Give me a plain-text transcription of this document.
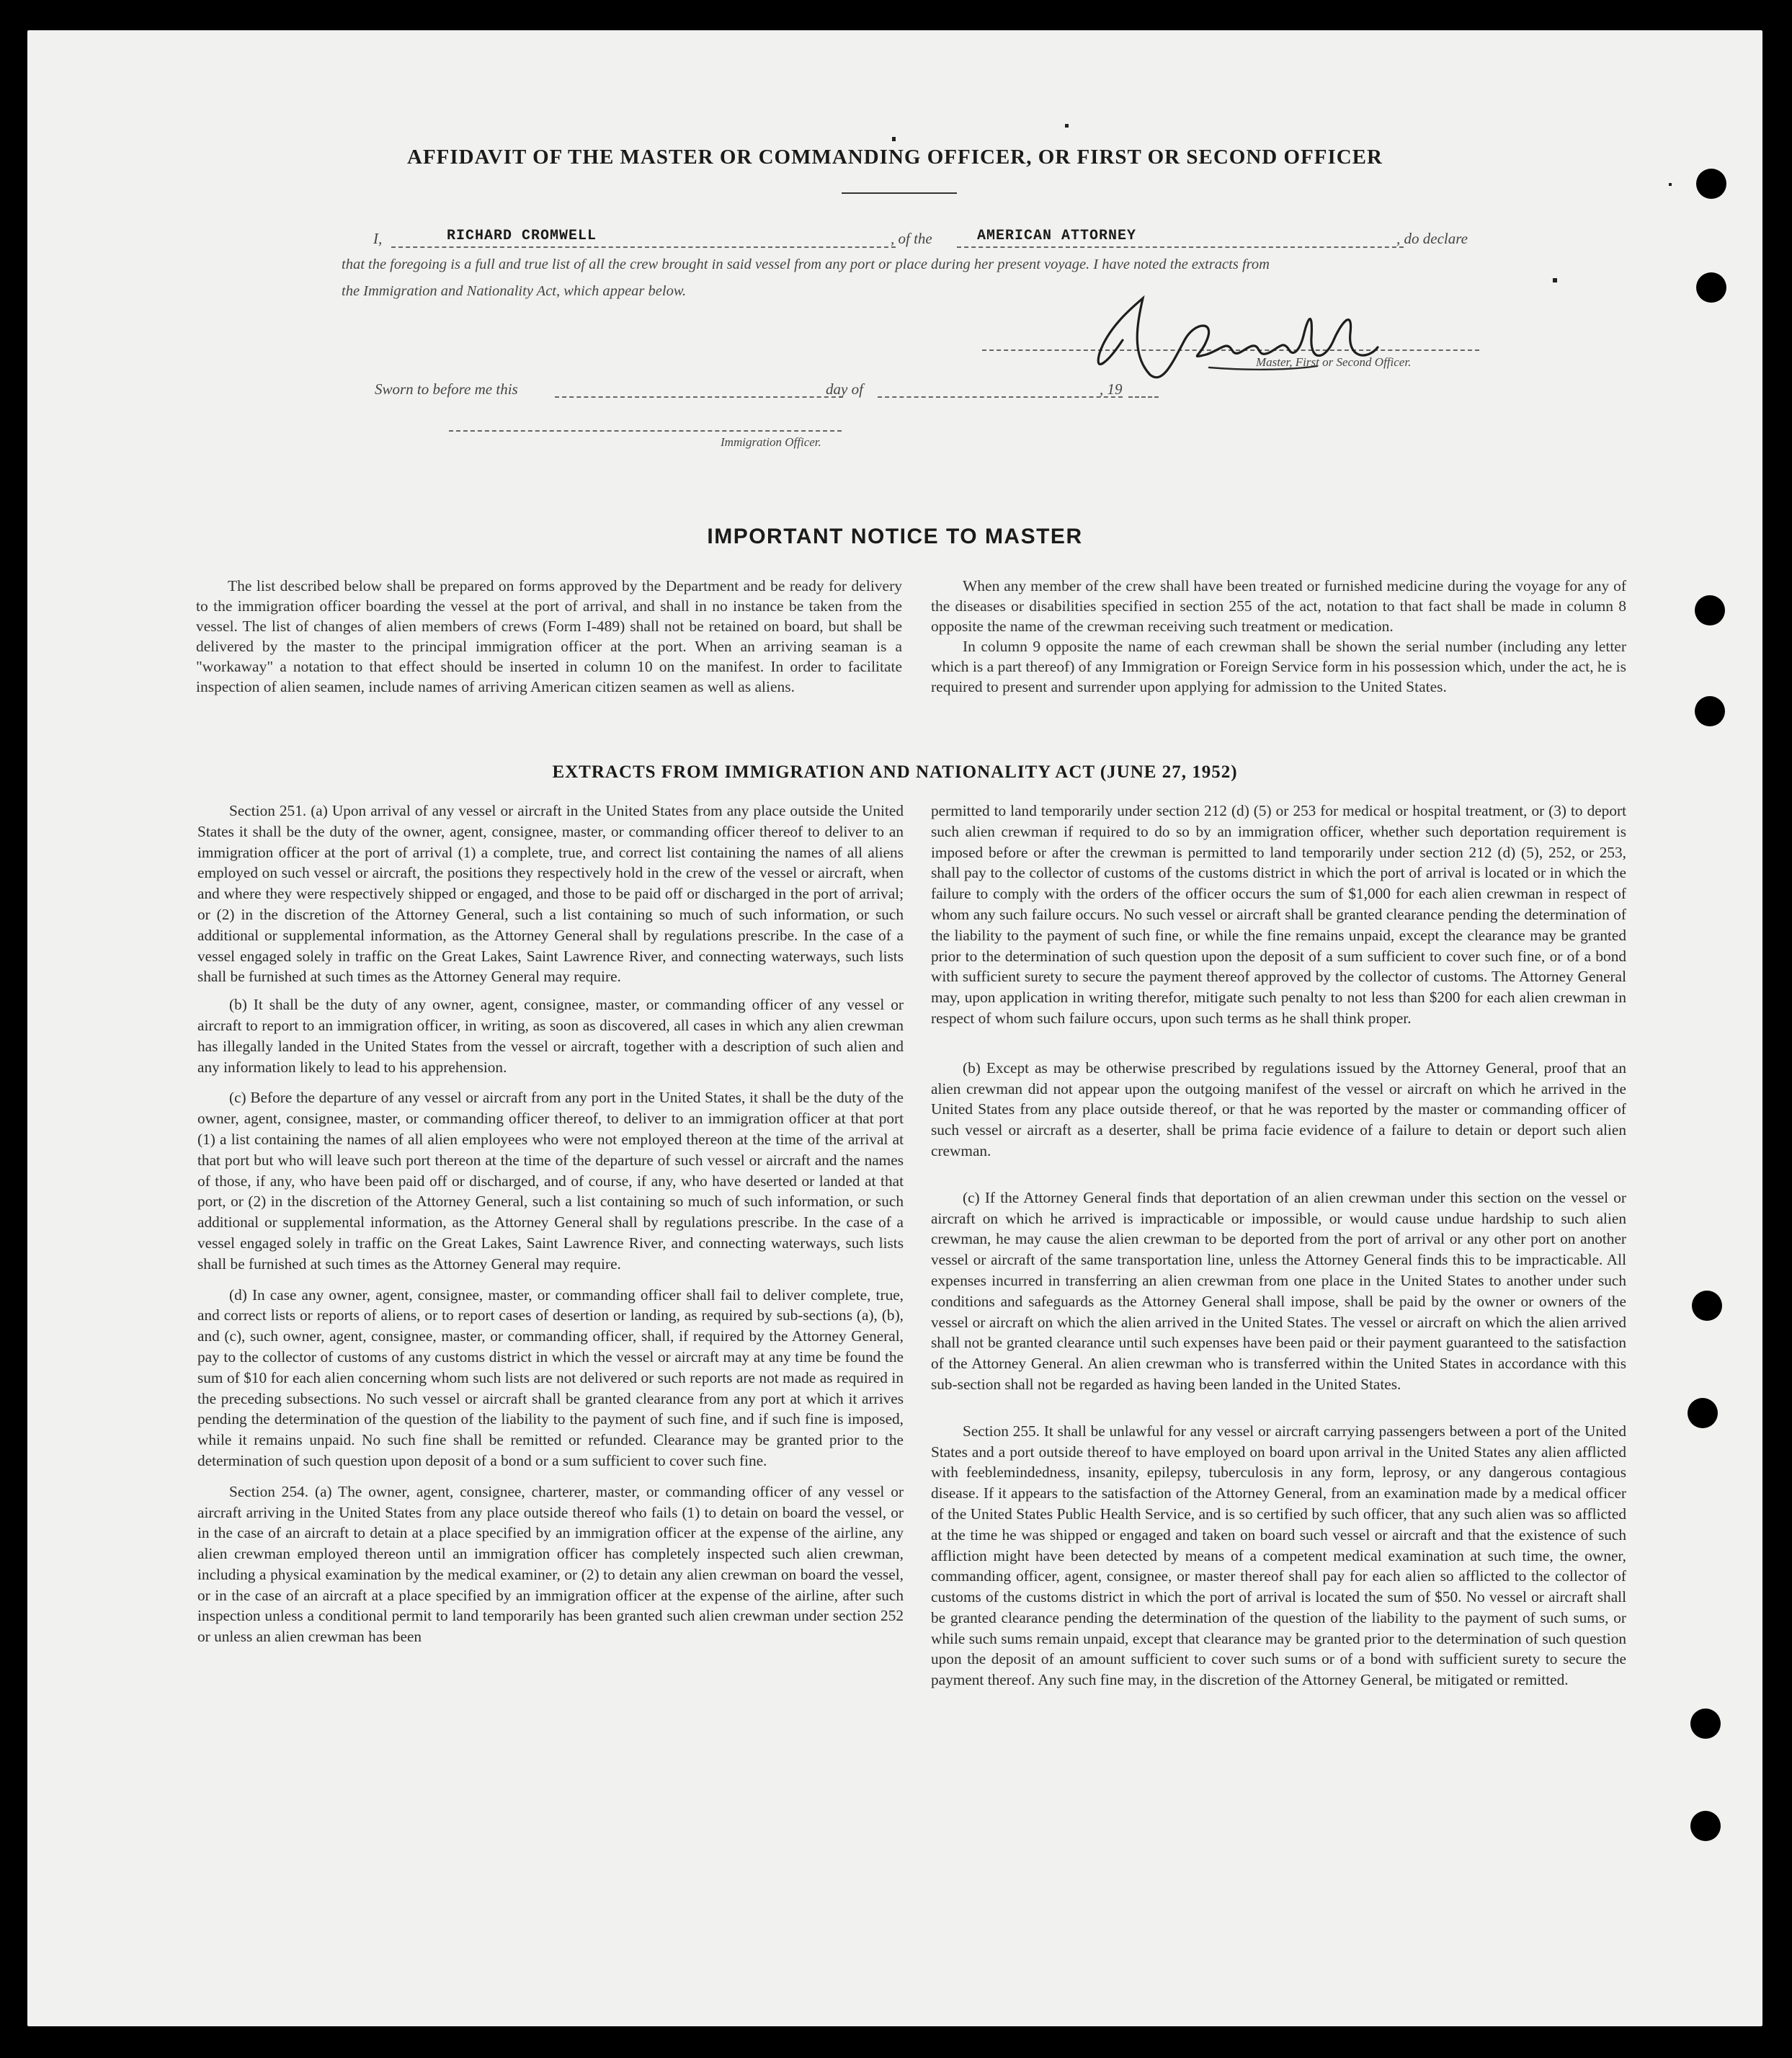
AFFIDAVIT OF THE MASTER OR COMMANDING OFFICER, OR FIRST OR SECOND OFFICER
I,	RICHARD CROMWELL	, of the	AMERICAN ATTORNEY	, do declare
that the foregoing is a full and true list of all the crew brought in said vessel from any port or place during her present voyage. I have noted the extracts from
the Immigration and Nationality Act, which appear below.
Master, First or Second Officer.
Sworn to before me this	day of	, 19
Immigration Officer.
IMPORTANT NOTICE TO MASTER

The list described below shall be prepared on forms approved by the Department and be ready for delivery to the immigration officer boarding the vessel at the port of arrival, and shall in no instance be taken from the vessel. The list of changes of alien members of crews (Form I-489) shall not be retained on board, but shall be delivered by the master to the principal immigration officer at the port. When an arriving seaman is a "workaway" a notation to that effect should be inserted in column 10 on the manifest. In order to facilitate inspection of alien seamen, include names of arriving American citizen seamen as well as aliens.

When any member of the crew shall have been treated or furnished medicine during the voyage for any of the diseases or disabilities specified in section 255 of the act, notation to that fact shall be made in column 8 opposite the name of the crewman receiving such treatment or medication.

In column 9 opposite the name of each crewman shall be shown the serial number (including any letter which is a part thereof) of any Immigration or Foreign Service form in his possession which, under the act, he is required to present and surrender upon applying for admission to the United States.

EXTRACTS FROM IMMIGRATION AND NATIONALITY ACT (JUNE 27, 1952)

Section 251. (a) Upon arrival of any vessel or aircraft in the United States from any place outside the United States it shall be the duty of the owner, agent, consignee, master, or commanding officer thereof to deliver to an immigration officer at the port of arrival (1) a complete, true, and correct list containing the names of all aliens employed on such vessel or aircraft, the positions they respectively hold in the crew of the vessel or aircraft, when and where they were respectively shipped or engaged, and those to be paid off or discharged in the port of arrival; or (2) in the discretion of the Attorney General, such a list containing so much of such information, or such additional or supplemental information, as the Attorney General shall by regulations prescribe. In the case of a vessel engaged solely in traffic on the Great Lakes, Saint Lawrence River, and connecting waterways, such lists shall be furnished at such times as the Attorney General may require.

(b) It shall be the duty of any owner, agent, consignee, master, or commanding officer of any vessel or aircraft to report to an immigration officer, in writing, as soon as discovered, all cases in which any alien crewman has illegally landed in the United States from the vessel or aircraft, together with a description of such alien and any information likely to lead to his apprehension.

(c) Before the departure of any vessel or aircraft from any port in the United States, it shall be the duty of the owner, agent, consignee, master, or commanding officer thereof, to deliver to an immigration officer at that port (1) a list containing the names of all alien employees who were not employed thereon at the time of the arrival at that port but who will leave such port thereon at the time of the departure of such vessel or aircraft and the names of those, if any, who have been paid off or discharged, and of course, if any, who have deserted or landed at that port, or (2) in the discretion of the Attorney General, such a list containing so much of such information, or such additional or supplemental information, as the Attorney General shall by regulations prescribe. In the case of a vessel engaged solely in traffic on the Great Lakes, Saint Lawrence River, and connecting waterways, such lists shall be furnished at such times as the Attorney General may require.

(d) In case any owner, agent, consignee, master, or commanding officer shall fail to deliver complete, true, and correct lists or reports of aliens, or to report cases of desertion or landing, as required by sub-sections (a), (b), and (c), such owner, agent, consignee, master, or commanding officer, shall, if required by the Attorney General, pay to the collector of customs of any customs district in which the vessel or aircraft may at any time be found the sum of $10 for each alien concerning whom such lists are not delivered or such reports are not made as required in the preceding subsections. No such vessel or aircraft shall be granted clearance from any port at which it arrives pending the determination of the question of the liability to the payment of such fine, and if such fine is imposed, while it remains unpaid. No such fine shall be remitted or refunded. Clearance may be granted prior to the determination of such question upon deposit of a bond or a sum sufficient to cover such fine.

Section 254. (a) The owner, agent, consignee, charterer, master, or commanding officer of any vessel or aircraft arriving in the United States from any place outside thereof who fails (1) to detain on board the vessel, or in the case of an aircraft to detain at a place specified by an immigration officer at the expense of the airline, any alien crewman employed thereon until an immigration officer has completely inspected such alien crewman, including a physical examination by the medical examiner, or (2) to detain any alien crewman on board the vessel, or in the case of an aircraft at a place specified by an immigration officer at the expense of the airline, after such inspection unless a conditional permit to land temporarily has been granted such alien crewman under section 252 or unless an alien crewman has been

permitted to land temporarily under section 212 (d) (5) or 253 for medical or hospital treatment, or (3) to deport such alien crewman if required to do so by an immigration officer, whether such deportation requirement is imposed before or after the crewman is permitted to land temporarily under section 212 (d) (5), 252, or 253, shall pay to the collector of customs of the customs district in which the port of arrival is located or in which the failure to comply with the orders of the officer occurs the sum of $1,000 for each alien crewman in respect of whom any such failure occurs. No such vessel or aircraft shall be granted clearance pending the determination of the liability to the payment of such fine, or while the fine remains unpaid, except the clearance may be granted prior to the determination of such question upon the deposit of a sum sufficient to cover such fine, or of a bond with sufficient surety to secure the payment thereof approved by the collector of customs. The Attorney General may, upon application in writing therefor, mitigate such penalty to not less than $200 for each alien crewman in respect of whom such failure occurs, upon such terms as he shall think proper.

(b) Except as may be otherwise prescribed by regulations issued by the Attorney General, proof that an alien crewman did not appear upon the outgoing manifest of the vessel or aircraft on which he arrived in the United States from any place outside thereof, or that he was reported by the master or commanding officer of such vessel or aircraft as a deserter, shall be prima facie evidence of a failure to detain or deport such alien crewman.

(c) If the Attorney General finds that deportation of an alien crewman under this section on the vessel or aircraft on which he arrived is impracticable or impossible, or would cause undue hardship to such alien crewman, he may cause the alien crewman to be deported from the port of arrival or any other port on another vessel or aircraft of the same transportation line, unless the Attorney General finds this to be impracticable. All expenses incurred in transferring an alien crewman from one place in the United States to another under such conditions and safeguards as the Attorney General shall impose, shall be paid by the owner or owners of the vessel or aircraft on which the alien arrived in the United States. The vessel or aircraft on which the alien arrived shall not be granted clearance until such expenses have been paid or their payment guaranteed to the satisfaction of the Attorney General. An alien crewman who is transferred within the United States in accordance with this sub-section shall not be regarded as having been landed in the United States.

Section 255. It shall be unlawful for any vessel or aircraft carrying passengers between a port of the United States and a port outside thereof to have employed on board upon arrival in the United States any alien afflicted with feeblemindedness, insanity, epilepsy, tuberculosis in any form, leprosy, or any dangerous contagious disease. If it appears to the satisfaction of the Attorney General, from an examination made by a medical officer of the United States Public Health Service, and is so certified by such officer, that any such alien was so afflicted at the time he was shipped or engaged and taken on board such vessel or aircraft and that the existence of such affliction might have been detected by means of a competent medical examination at such time, the owner, commanding officer, agent, consignee, or master thereof shall pay for each alien so afflicted to the collector of customs of the customs district in which the port of arrival is located the sum of $50. No vessel or aircraft shall be granted clearance pending the determination of the question of the liability to the payment of such sums, or while such sums remain unpaid, except that clearance may be granted prior to the determination of such question upon the deposit of an amount sufficient to cover such sums or of a bond with sufficient surety to secure the payment thereof. Any such fine may, in the discretion of the Attorney General, be mitigated or remitted.
